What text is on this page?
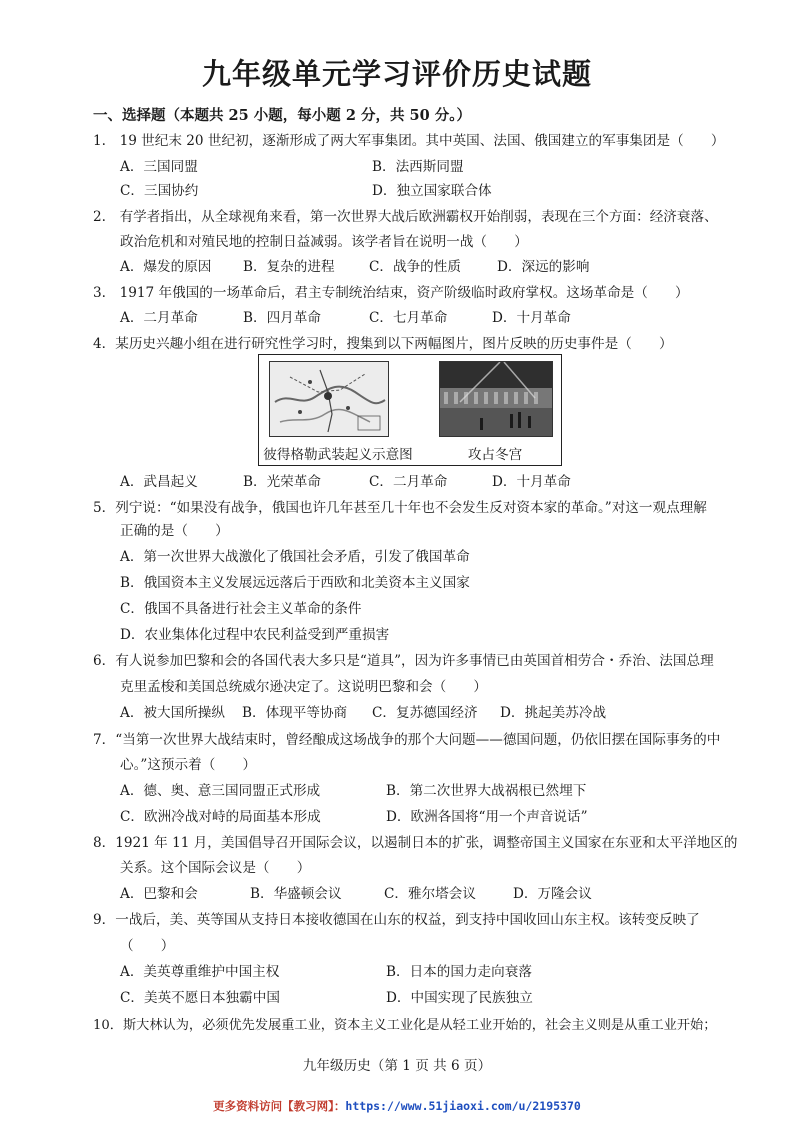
九年级单元学习评价历史试题
一、选择题（本题共 25 小题，每小题 2 分，共 50 分。）
1.　19 世纪末 20 世纪初，逐渐形成了两大军事集团。其中英国、法国、俄国建立的军事集团是（　　）
A．三国同盟	B．法西斯同盟
C．三国协约	D．独立国家联合体
2.　有学者指出，从全球视角来看，第一次世界大战后欧洲霸权开始削弱，表现在三个方面：经济衰落、
政治危机和对殖民地的控制日益减弱。该学者旨在说明一战（　　）
A．爆发的原因 B．复杂的进程	C．战争的性质	D．深远的影响
3.　1917 年俄国的一场革命后，君主专制统治结束，资产阶级临时政府掌权。这场革命是（　　）
A．二月革命	B．四月革命	C．七月革命	D．十月革命
4．某历史兴趣小组在进行研究性学习时，搜集到以下两幅图片，图片反映的历史事件是（　　）
彼得格勒武装起义示意图	攻占冬宫
A．武昌起义	B．光荣革命	C．二月革命	D．十月革命
5．列宁说：“如果没有战争，俄国也许几年甚至几十年也不会发生反对资本家的革命。”对这一观点理解
正确的是（　　）
A．第一次世界大战激化了俄国社会矛盾，引发了俄国革命
B．俄国资本主义发展远远落后于西欧和北美资本主义国家
C．俄国不具备进行社会主义革命的条件
D．农业集体化过程中农民利益受到严重损害
6．有人说参加巴黎和会的各国代表大多只是“道具”，因为许多事情已由英国首相劳合・乔治、法国总理
克里孟梭和美国总统威尔逊决定了。这说明巴黎和会（　　）
A．被大国所操纵 B．体现平等协商 C．复苏德国经济 D．挑起美苏冷战
7．“当第一次世界大战结束时，曾经酿成这场战争的那个大问题——德国问题，仍依旧摆在国际事务的中
心。”这预示着（　　）
A．德、奥、意三国同盟正式形成	B．第二次世界大战祸根已然埋下
C．欧洲冷战对峙的局面基本形成	D．欧洲各国将“用一个声音说话”
8．1921 年 11 月，美国倡导召开国际会议，以遏制日本的扩张，调整帝国主义国家在东亚和太平洋地区的
关系。这个国际会议是（　　）
A．巴黎和会	B．华盛顿会议	C．雅尔塔会议	D．万隆会议
9．一战后，美、英等国从支持日本接收德国在山东的权益，到支持中国收回山东主权。该转变反映了
（　　）
A．美英尊重维护中国主权	B．日本的国力走向衰落
C．美英不愿日本独霸中国	D．中国实现了民族独立
10．斯大林认为，必须优先发展重工业，资本主义工业化是从轻工业开始的，社会主义则是从重工业开始；
九年级历史（第 1 页 共 6 页）
更多资料访问【教习网】：https://www.51jiaoxi.com/u/2195370
